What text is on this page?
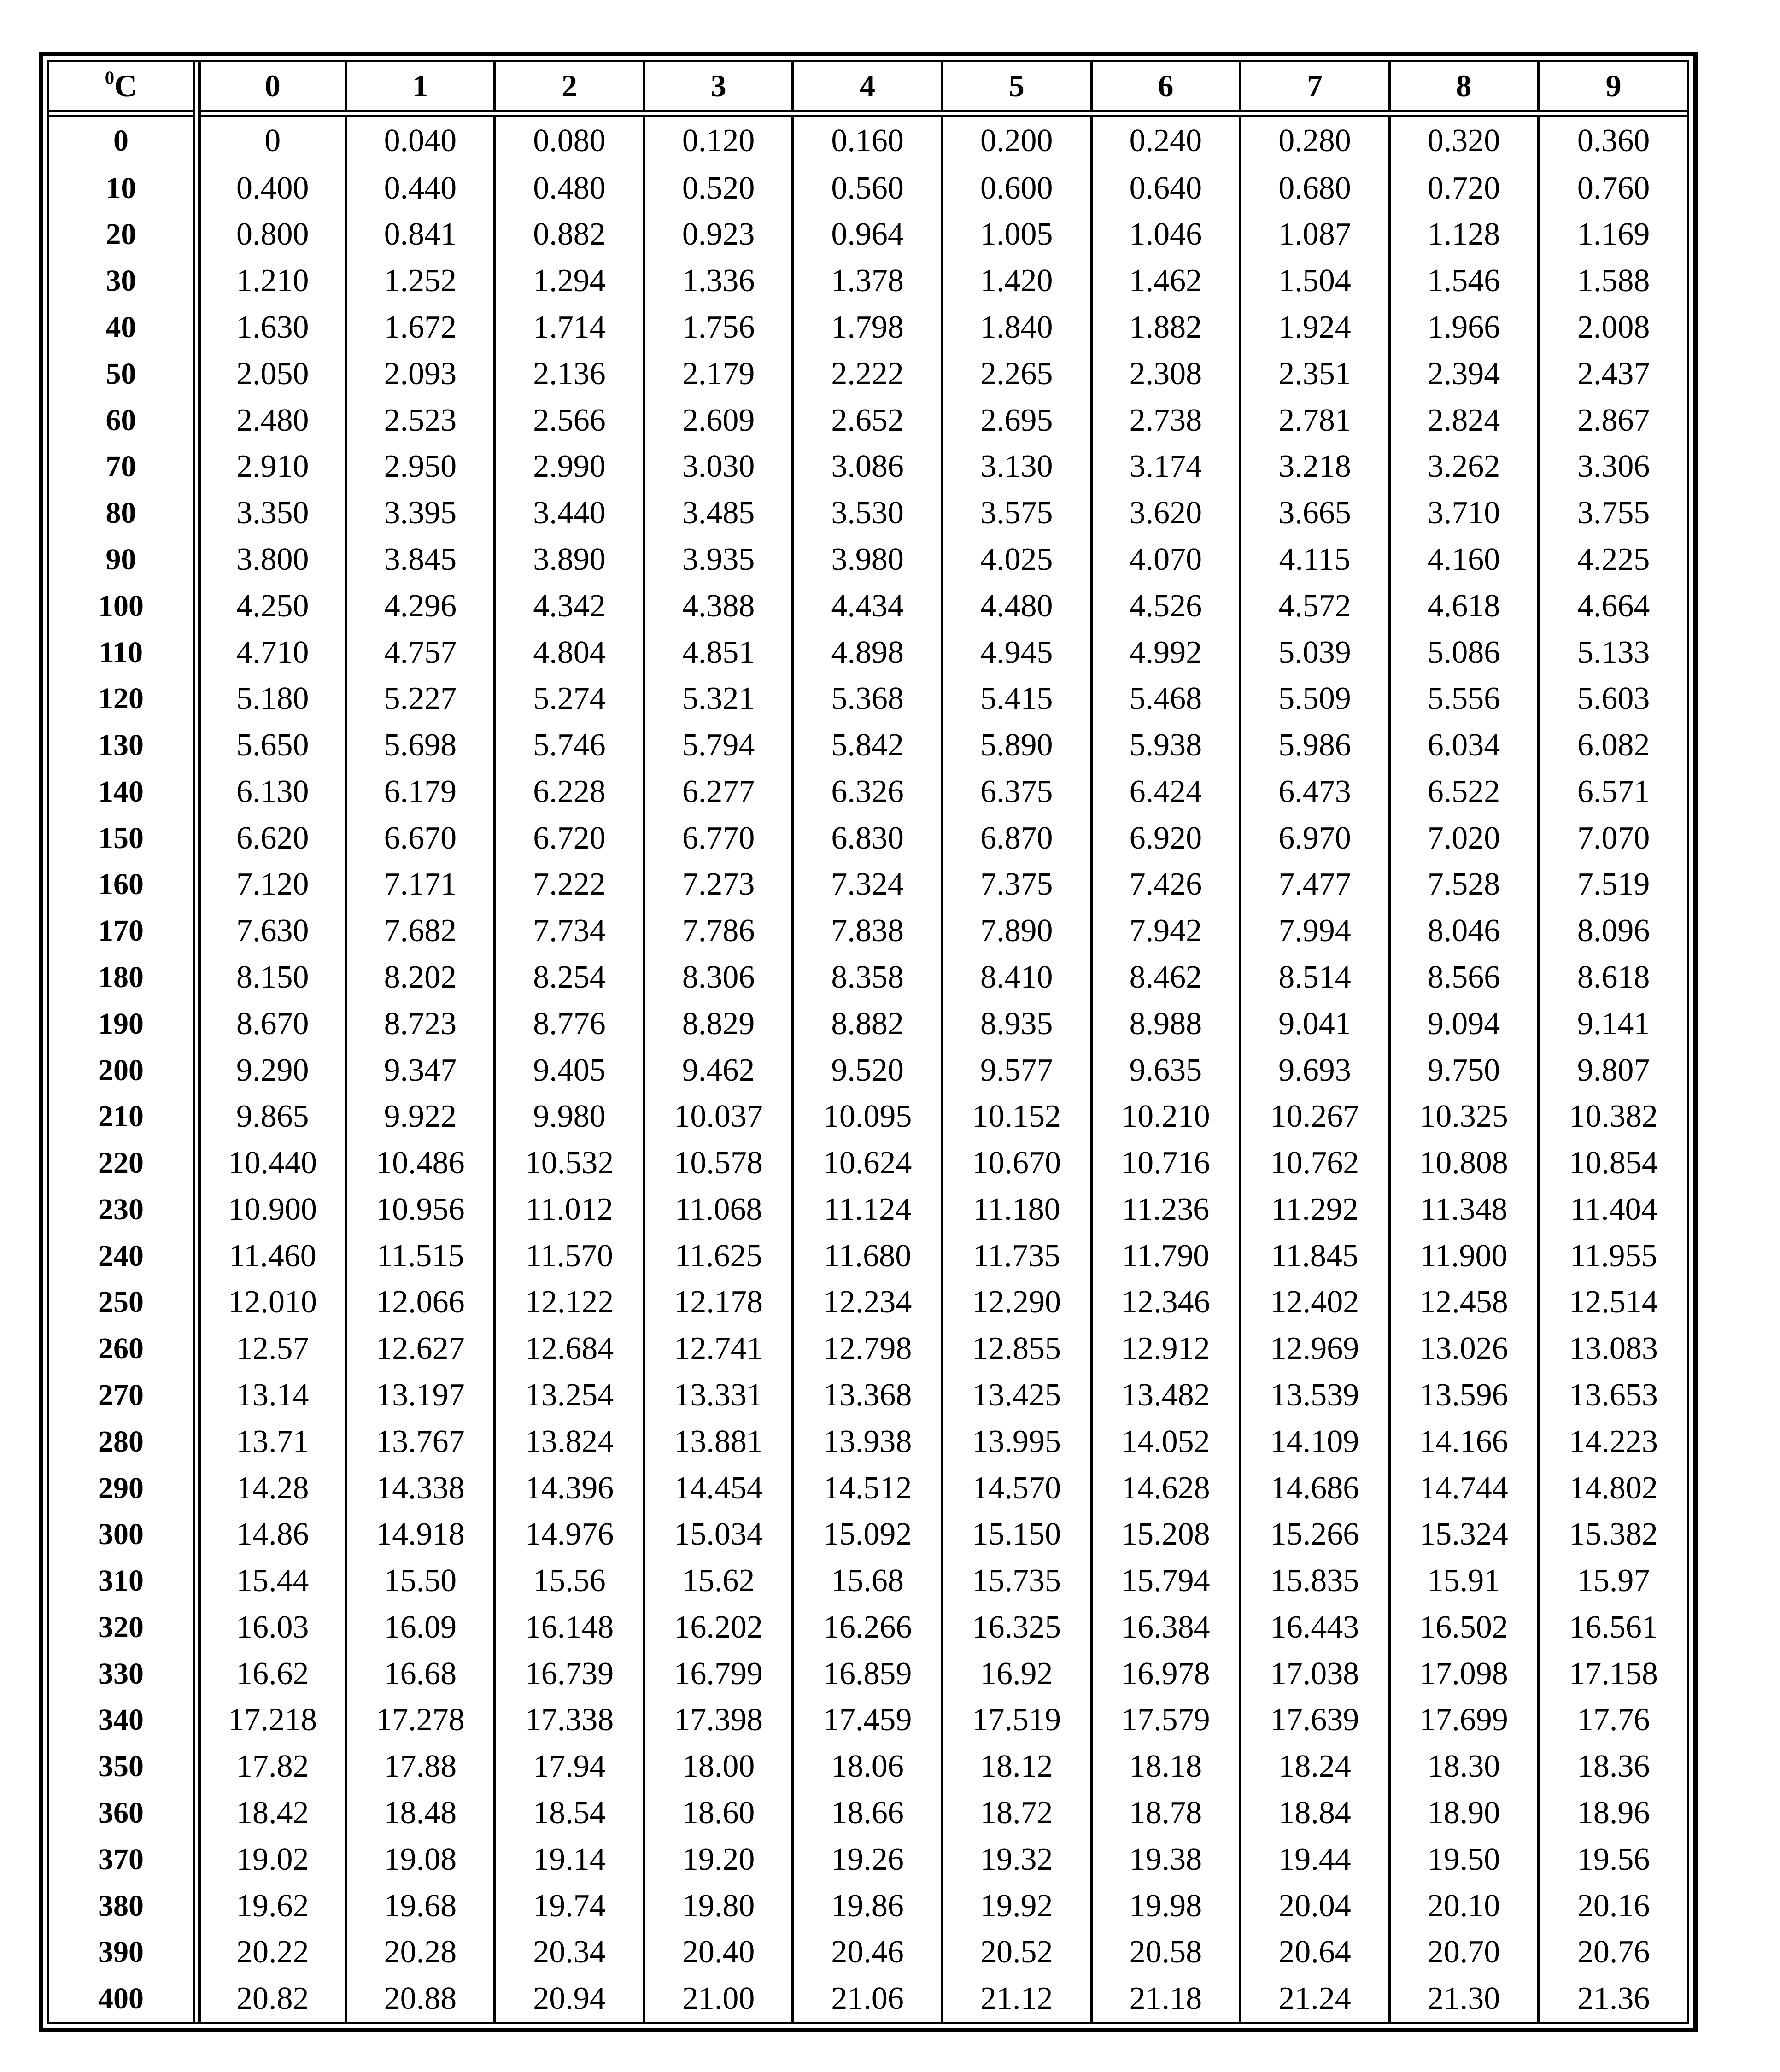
$^0$C	0	1	2	3	4	5	6	7	8	9
0	0	0.040	0.080	0.120	0.160	0.200	0.240	0.280	0.320	0.360
10	0.400	0.440	0.480	0.520	0.560	0.600	0.640	0.680	0.720	0.760
20	0.800	0.841	0.882	0.923	0.964	1.005	1.046	1.087	1.128	1.169
30	1.210	1.252	1.294	1.336	1.378	1.420	1.462	1.504	1.546	1.588
40	1.630	1.672	1.714	1.756	1.798	1.840	1.882	1.924	1.966	2.008
50	2.050	2.093	2.136	2.179	2.222	2.265	2.308	2.351	2.394	2.437
60	2.480	2.523	2.566	2.609	2.652	2.695	2.738	2.781	2.824	2.867
70	2.910	2.950	2.990	3.030	3.086	3.130	3.174	3.218	3.262	3.306
80	3.350	3.395	3.440	3.485	3.530	3.575	3.620	3.665	3.710	3.755
90	3.800	3.845	3.890	3.935	3.980	4.025	4.070	4.115	4.160	4.225
100	4.250	4.296	4.342	4.388	4.434	4.480	4.526	4.572	4.618	4.664
110	4.710	4.757	4.804	4.851	4.898	4.945	4.992	5.039	5.086	5.133
120	5.180	5.227	5.274	5.321	5.368	5.415	5.468	5.509	5.556	5.603
130	5.650	5.698	5.746	5.794	5.842	5.890	5.938	5.986	6.034	6.082
140	6.130	6.179	6.228	6.277	6.326	6.375	6.424	6.473	6.522	6.571
150	6.620	6.670	6.720	6.770	6.830	6.870	6.920	6.970	7.020	7.070
160	7.120	7.171	7.222	7.273	7.324	7.375	7.426	7.477	7.528	7.519
170	7.630	7.682	7.734	7.786	7.838	7.890	7.942	7.994	8.046	8.096
180	8.150	8.202	8.254	8.306	8.358	8.410	8.462	8.514	8.566	8.618
190	8.670	8.723	8.776	8.829	8.882	8.935	8.988	9.041	9.094	9.141
200	9.290	9.347	9.405	9.462	9.520	9.577	9.635	9.693	9.750	9.807
210	9.865	9.922	9.980	10.037	10.095	10.152	10.210	10.267	10.325	10.382
220	10.440	10.486	10.532	10.578	10.624	10.670	10.716	10.762	10.808	10.854
230	10.900	10.956	11.012	11.068	11.124	11.180	11.236	11.292	11.348	11.404
240	11.460	11.515	11.570	11.625	11.680	11.735	11.790	11.845	11.900	11.955
250	12.010	12.066	12.122	12.178	12.234	12.290	12.346	12.402	12.458	12.514
260	12.57	12.627	12.684	12.741	12.798	12.855	12.912	12.969	13.026	13.083
270	13.14	13.197	13.254	13.331	13.368	13.425	13.482	13.539	13.596	13.653
280	13.71	13.767	13.824	13.881	13.938	13.995	14.052	14.109	14.166	14.223
290	14.28	14.338	14.396	14.454	14.512	14.570	14.628	14.686	14.744	14.802
300	14.86	14.918	14.976	15.034	15.092	15.150	15.208	15.266	15.324	15.382
310	15.44	15.50	15.56	15.62	15.68	15.735	15.794	15.835	15.91	15.97
320	16.03	16.09	16.148	16.202	16.266	16.325	16.384	16.443	16.502	16.561
330	16.62	16.68	16.739	16.799	16.859	16.92	16.978	17.038	17.098	17.158
340	17.218	17.278	17.338	17.398	17.459	17.519	17.579	17.639	17.699	17.76
350	17.82	17.88	17.94	18.00	18.06	18.12	18.18	18.24	18.30	18.36
360	18.42	18.48	18.54	18.60	18.66	18.72	18.78	18.84	18.90	18.96
370	19.02	19.08	19.14	19.20	19.26	19.32	19.38	19.44	19.50	19.56
380	19.62	19.68	19.74	19.80	19.86	19.92	19.98	20.04	20.10	20.16
390	20.22	20.28	20.34	20.40	20.46	20.52	20.58	20.64	20.70	20.76
400	20.82	20.88	20.94	21.00	21.06	21.12	21.18	21.24	21.30	21.36
